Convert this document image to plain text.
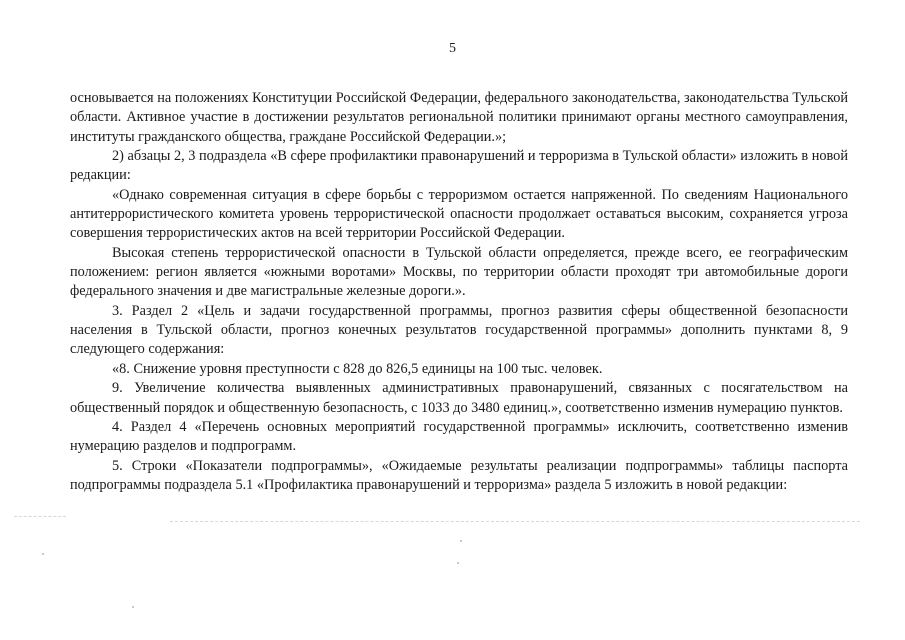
5

основывается на положениях Конституции Российской Федерации, федерального законодательства, законодательства Тульской области. Активное участие в достижении результатов региональной политики принимают органы местного самоуправления, институты гражданского общества, граждане Российской Федерации.»;

2) абзацы 2, 3 подраздела «В сфере профилактики правонарушений и терроризма в Тульской области» изложить в новой редакции:

«Однако современная ситуация в сфере борьбы с терроризмом остается напряженной. По сведениям Национального антитеррористического комитета уровень террористической опасности продолжает оставаться высоким, сохраняется угроза совершения террористических актов на всей территории Российской Федерации.

Высокая степень террористической опасности в Тульской области определяется, прежде всего, ее географическим положением: регион является «южными воротами» Москвы, по территории области проходят три автомобильные дороги федерального значения и две магистральные железные дороги.».

3. Раздел 2 «Цель и задачи государственной программы, прогноз развития сферы общественной безопасности населения в Тульской области, прогноз конечных результатов государственной программы» дополнить пунктами 8, 9 следующего содержания:

«8. Снижение уровня преступности с 828 до 826,5 единицы на 100 тыс. человек.

9. Увеличение количества выявленных административных правонарушений, связанных с посягательством на общественный порядок и общественную безопасность, с 1033 до 3480 единиц.», соответственно изменив нумерацию пунктов.

4. Раздел 4 «Перечень основных мероприятий государственной программы» исключить, соответственно изменив нумерацию разделов и подпрограмм.

5. Строки «Показатели подпрограммы», «Ожидаемые результаты реализации подпрограммы» таблицы паспорта подпрограммы подраздела 5.1 «Профилактика правонарушений и терроризма» раздела 5 изложить в новой редакции:
